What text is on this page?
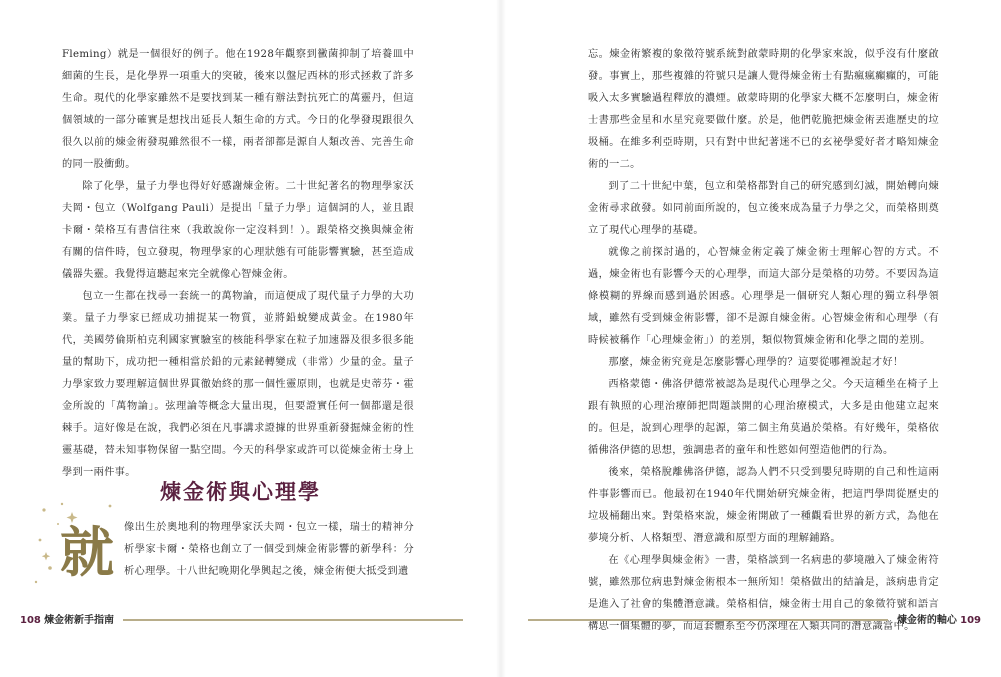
Fleming）就是一個很好的例子。他在1928年觀察到黴菌抑制了培養皿中細菌的生長，是化學界一項重大的突破，後來以盤尼西林的形式拯救了許多生命。現代的化學家雖然不是要找到某一種有辦法對抗死亡的萬靈丹，但這個領域的一部分確實是想找出延長人類生命的方式。今日的化學發現跟很久很久以前的煉金術發現雖然很不一樣，兩者卻都是源自人類改善、完善生命的同一股衝動。

除了化學，量子力學也得好好感謝煉金術。二十世紀著名的物理學家沃夫岡・包立（Wolfgang Pauli）是提出「量子力學」這個詞的人，並且跟卡爾・榮格互有書信往來（我敢說你一定沒料到！）。跟榮格交換與煉金術有關的信件時，包立發現，物理學家的心理狀態有可能影響實驗，甚至造成儀器失靈。我覺得這聽起來完全就像心智煉金術。

包立一生都在找尋一套統一的萬物論，而這便成了現代量子力學的大功業。量子力學家已經成功捕捉某一物質，並將鉛蛻變成黃金。在1980年代，美國勞倫斯柏克利國家實驗室的核能科學家在粒子加速器及很多很多能量的幫助下，成功把一種相當於鉛的元素鉍轉變成（非常）少量的金。量子力學家致力要理解這個世界貫徹始終的那一個性靈原則，也就是史蒂芬・霍金所說的「萬物論」。弦理論等概念大量出現，但要證實任何一個都還是很棘手。這好像是在說，我們必須在凡事講求證據的世界重新發掘煉金術的性靈基礎，替未知事物保留一點空間。今天的科學家或許可以從煉金術士身上學到一兩件事。

煉金術與心理學
就 像出生於奧地利的物理學家沃夫岡・包立一樣，瑞士的精神分析學家卡爾・榮格也創立了一個受到煉金術影響的新學科：分析心理學。十八世紀晚期化學興起之後，煉金術便大抵受到遺

忘。煉金術繁複的象徵符號系統對啟蒙時期的化學家來說，似乎沒有什麼啟發。事實上，那些複雜的符號只是讓人覺得煉金術士有點瘋瘋癲癲的，可能吸入太多實驗過程釋放的濃煙。啟蒙時期的化學家大概不怎麼明白，煉金術士書那些金星和水星究竟要做什麼。於是，他們乾脆把煉金術丟進歷史的垃圾桶。在維多利亞時期，只有對中世紀著迷不已的玄祕學愛好者才略知煉金術的一二。

到了二十世紀中葉，包立和榮格都對自己的研究感到幻滅，開始轉向煉金術尋求啟發。如同前面所說的，包立後來成為量子力學之父，而榮格則奠立了現代心理學的基礎。

就像之前探討過的，心智煉金術定義了煉金術士理解心智的方式。不過，煉金術也有影響今天的心理學，而這大部分是榮格的功勞。不要因為這條模糊的界線而感到過於困惑。心理學是一個研究人類心理的獨立科學領域，雖然有受到煉金術影響，卻不是源自煉金術。心智煉金術和心理學（有時候被稱作「心理煉金術」）的差別，類似物質煉金術和化學之間的差別。

那麼，煉金術究竟是怎麼影響心理學的？這要從哪裡說起才好！

西格蒙德・佛洛伊德常被認為是現代心理學之父。今天這種坐在椅子上跟有執照的心理治療師把問題談開的心理治療模式，大多是由他建立起來的。但是，說到心理學的起源，第二個主角莫過於榮格。有好幾年，榮格依循佛洛伊德的思想，強調患者的童年和性慾如何塑造他們的行為。

後來，榮格脫離佛洛伊德，認為人們不只受到嬰兒時期的自己和性這兩件事影響而已。他最初在1940年代開始研究煉金術，把這門學問從歷史的垃圾桶翻出來。對榮格來說，煉金術開啟了一種觀看世界的新方式，為他在夢境分析、人格類型、潛意識和原型方面的理解鋪路。

在《心理學與煉金術》一書，榮格談到一名病患的夢境融入了煉金術符號，雖然那位病患對煉金術根本一無所知！榮格做出的結論是，該病患肯定是進入了社會的集體潛意識。榮格相信，煉金術士用自己的象徵符號和語言構思一個集體的夢，而這套體系至今仍深埋在人類共同的潛意識當中。

108 煉金術新手指南	煉金術的軸心 109
